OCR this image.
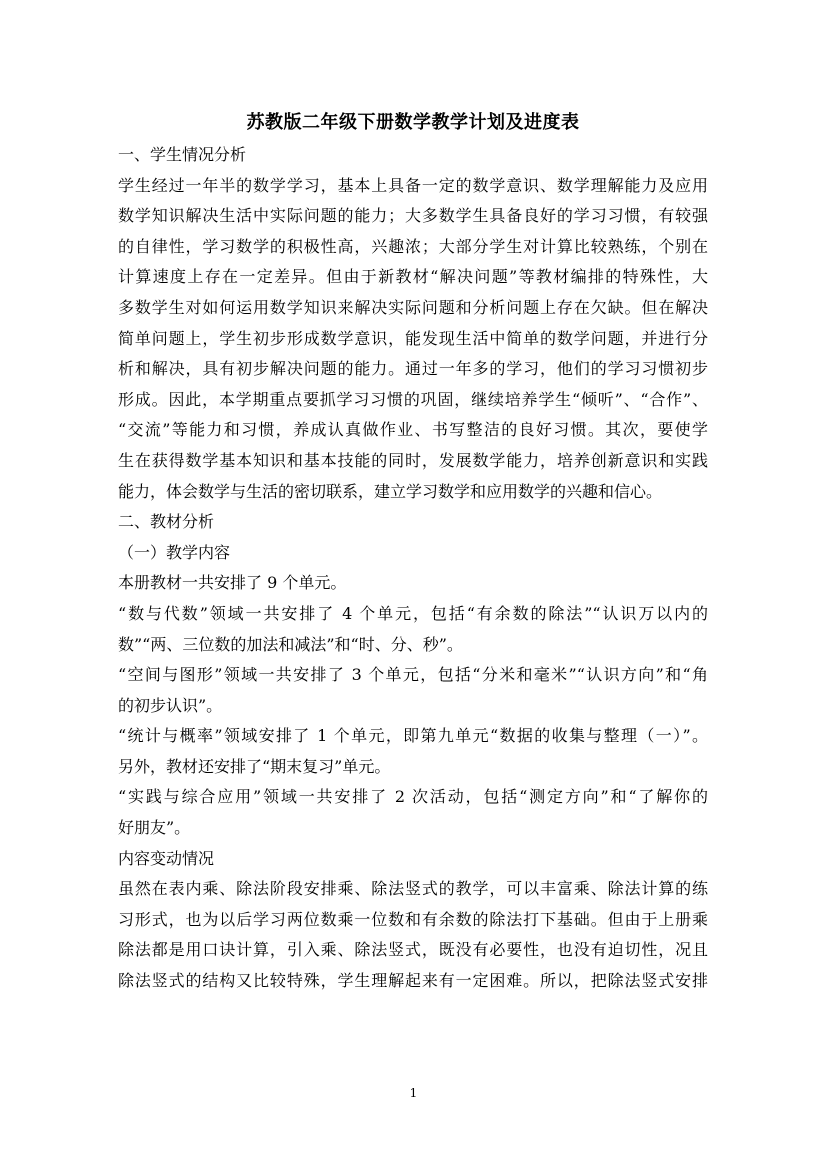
苏教版二年级下册数学教学计划及进度表
一、学生情况分析
学生经过一年半的数学学习，基本上具备一定的数学意识、数学理解能力及应用
数学知识解决生活中实际问题的能力；大多数学生具备良好的学习习惯，有较强
的自律性，学习数学的积极性高，兴趣浓；大部分学生对计算比较熟练，个别在
计算速度上存在一定差异。但由于新教材“解决问题”等教材编排的特殊性，大
多数学生对如何运用数学知识来解决实际问题和分析问题上存在欠缺。但在解决
简单问题上，学生初步形成数学意识，能发现生活中简单的数学问题，并进行分
析和解决，具有初步解决问题的能力。通过一年多的学习，他们的学习习惯初步
形成。因此，本学期重点要抓学习习惯的巩固，继续培养学生“倾听”、“合作”、
“交流”等能力和习惯，养成认真做作业、书写整洁的良好习惯。其次，要使学
生在获得数学基本知识和基本技能的同时，发展数学能力，培养创新意识和实践
能力，体会数学与生活的密切联系，建立学习数学和应用数学的兴趣和信心。
二、教材分析
（一）教学内容
本册教材一共安排了 9 个单元。
“数与代数”领域一共安排了 4 个单元，包括“有余数的除法”“认识万以内的
数”“两、三位数的加法和减法”和“时、分、秒”。
“空间与图形”领域一共安排了 3 个单元，包括“分米和毫米”“认识方向”和“角
的初步认识”。
“统计与概率”领域安排了 1 个单元，即第九单元“数据的收集与整理（一）”。
另外，教材还安排了“期末复习”单元。
“实践与综合应用”领域一共安排了 2 次活动，包括“测定方向”和“了解你的
好朋友”。
内容变动情况
虽然在表内乘、除法阶段安排乘、除法竖式的教学，可以丰富乘、除法计算的练
习形式，也为以后学习两位数乘一位数和有余数的除法打下基础。但由于上册乘
除法都是用口诀计算，引入乘、除法竖式，既没有必要性，也没有迫切性，况且
除法竖式的结构又比较特殊，学生理解起来有一定困难。所以，把除法竖式安排
1
